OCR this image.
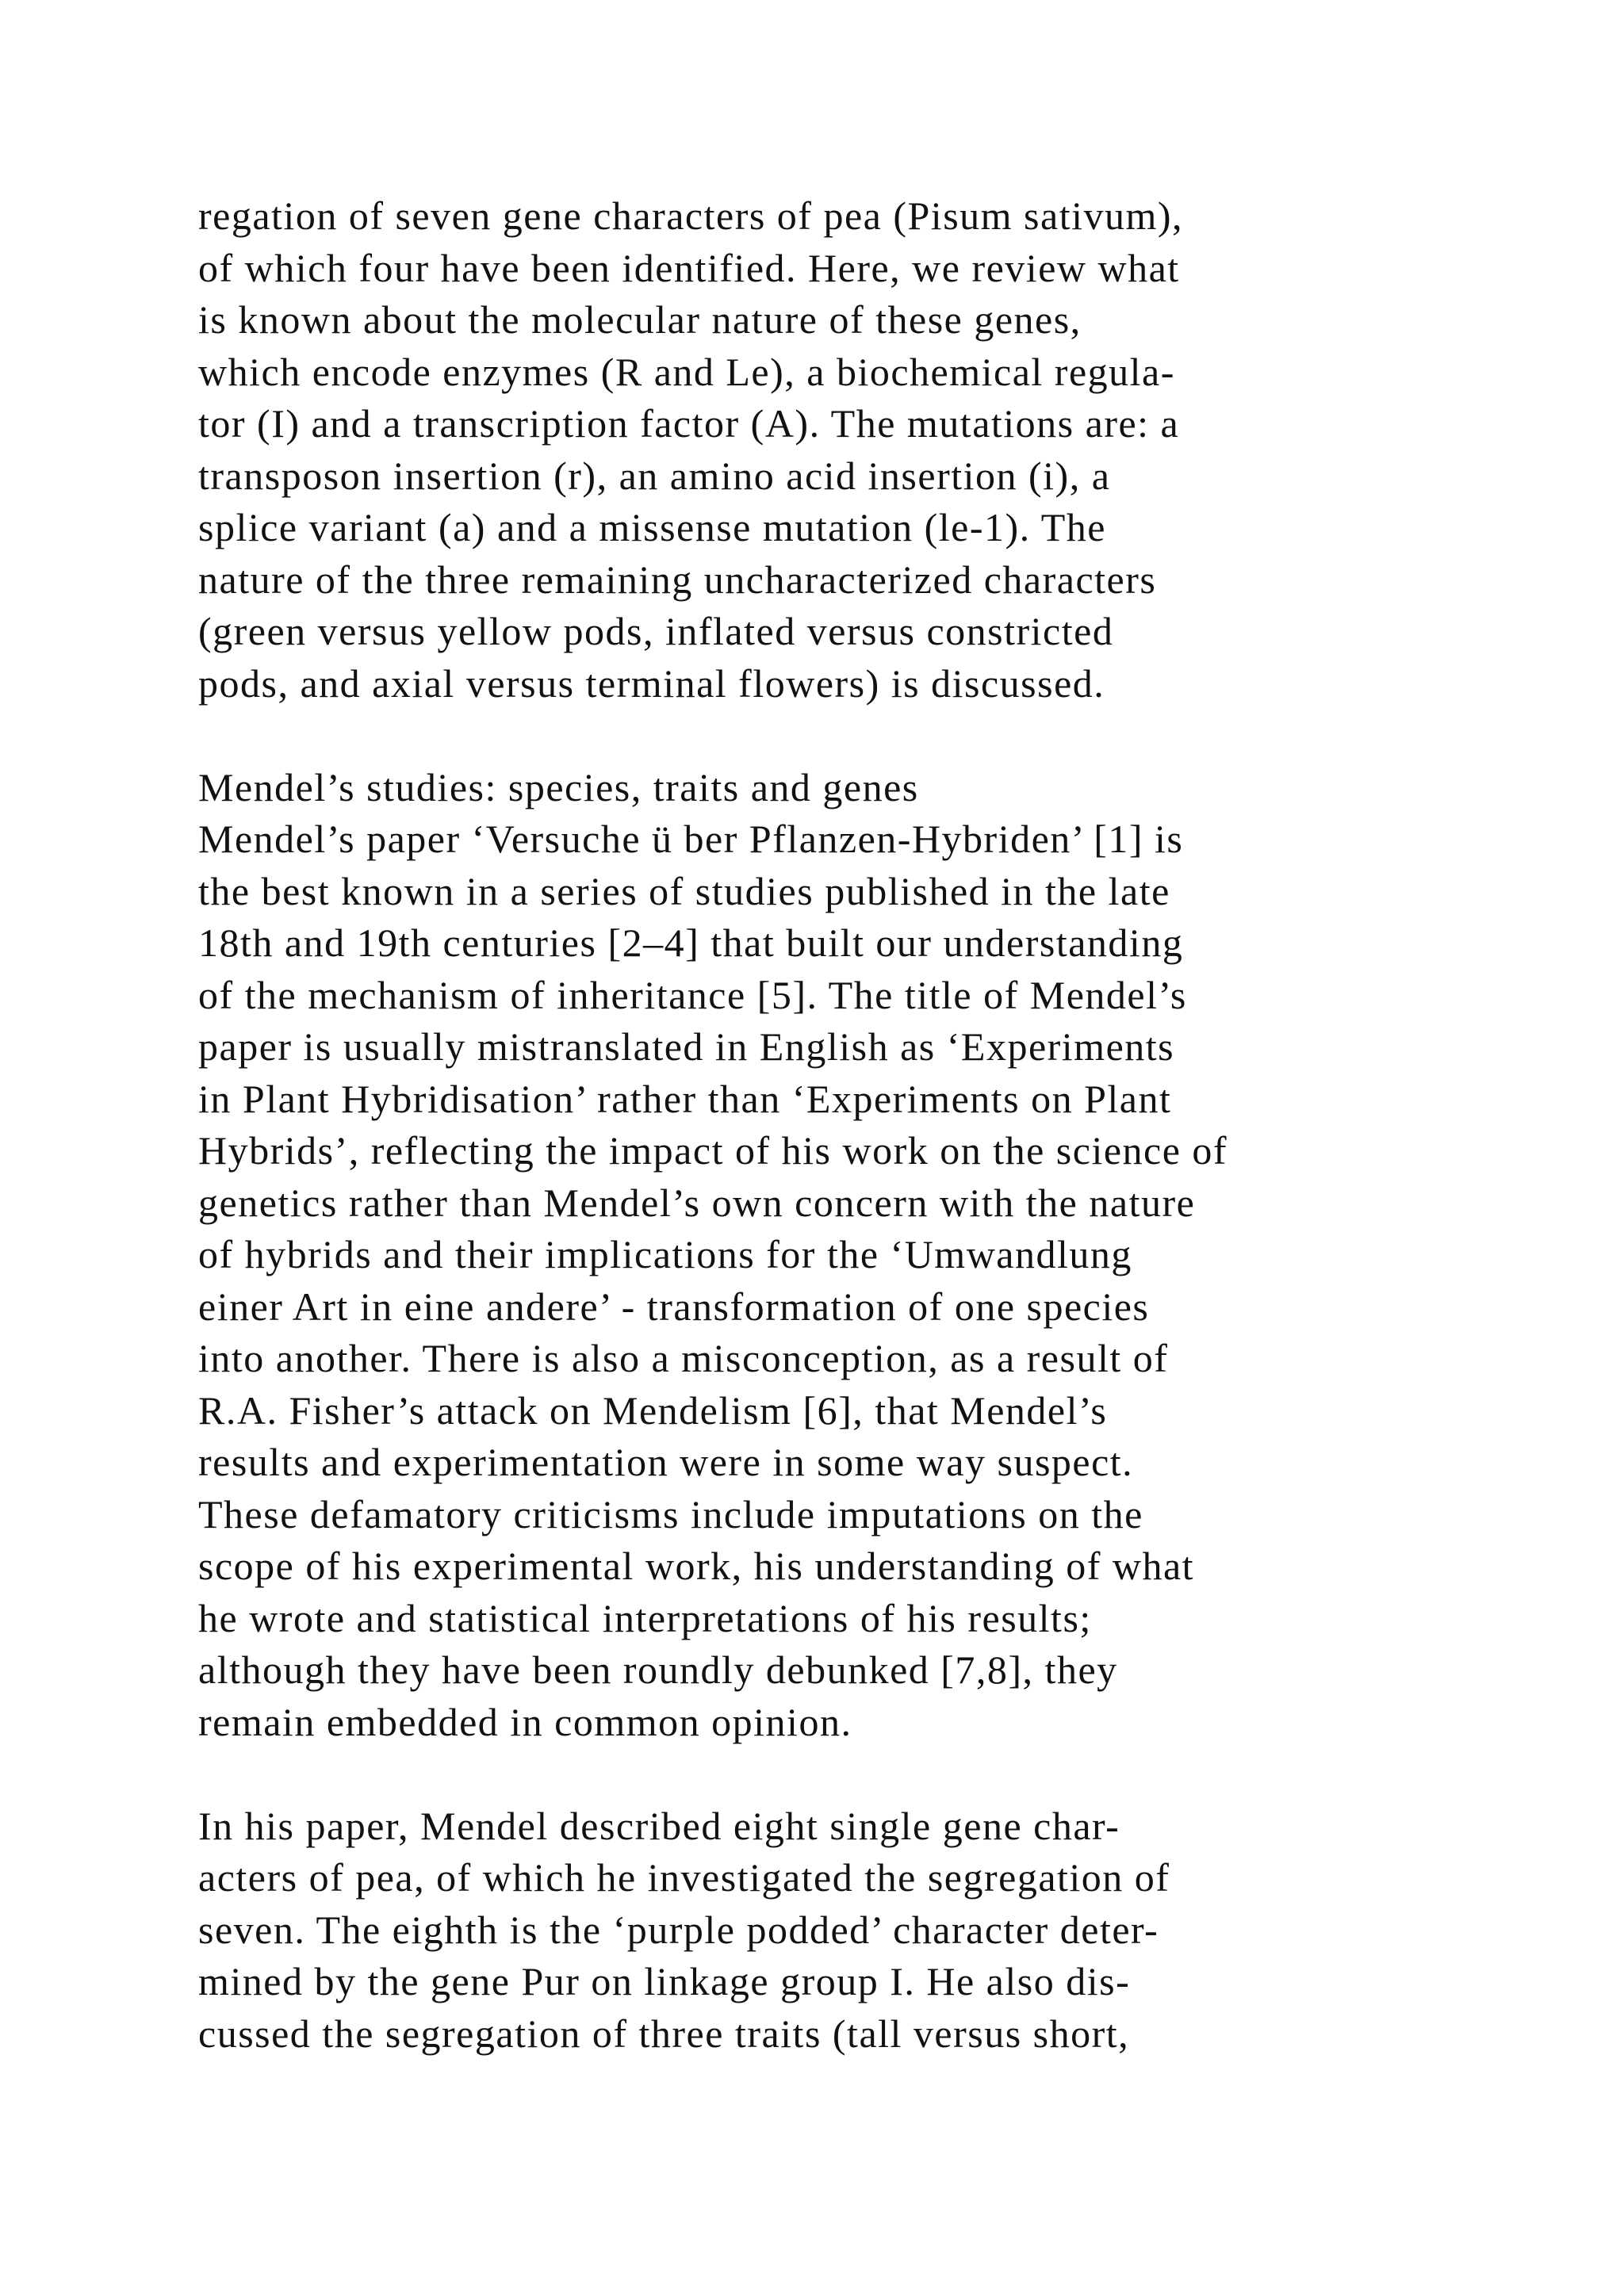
regation of seven gene characters of pea (Pisum sativum),
of which four have been identified. Here, we review what
is known about the molecular nature of these genes,
which encode enzymes (R and Le), a biochemical regula-
tor (I) and a transcription factor (A). The mutations are: a
transposon insertion (r), an amino acid insertion (i), a
splice variant (a) and a missense mutation (le-1). The
nature of the three remaining uncharacterized characters
(green versus yellow pods, inflated versus constricted
pods, and axial versus terminal flowers) is discussed.
Mendel’s studies: species, traits and genes
Mendel’s paper ‘Versuche ü ber Pflanzen-Hybriden’ [1] is
the best known in a series of studies published in the late
18th and 19th centuries [2–4] that built our understanding
of the mechanism of inheritance [5]. The title of Mendel’s
paper is usually mistranslated in English as ‘Experiments
in Plant Hybridisation’ rather than ‘Experiments on Plant
Hybrids’, reflecting the impact of his work on the science of
genetics rather than Mendel’s own concern with the nature
of hybrids and their implications for the ‘Umwandlung
einer Art in eine andere’ - transformation of one species
into another. There is also a misconception, as a result of
R.A. Fisher’s attack on Mendelism [6], that Mendel’s
results and experimentation were in some way suspect.
These defamatory criticisms include imputations on the
scope of his experimental work, his understanding of what
he wrote and statistical interpretations of his results;
although they have been roundly debunked [7,8], they
remain embedded in common opinion.
In his paper, Mendel described eight single gene char-
acters of pea, of which he investigated the segregation of
seven. The eighth is the ‘purple podded’ character deter-
mined by the gene Pur on linkage group I. He also dis-
cussed the segregation of three traits (tall versus short,
